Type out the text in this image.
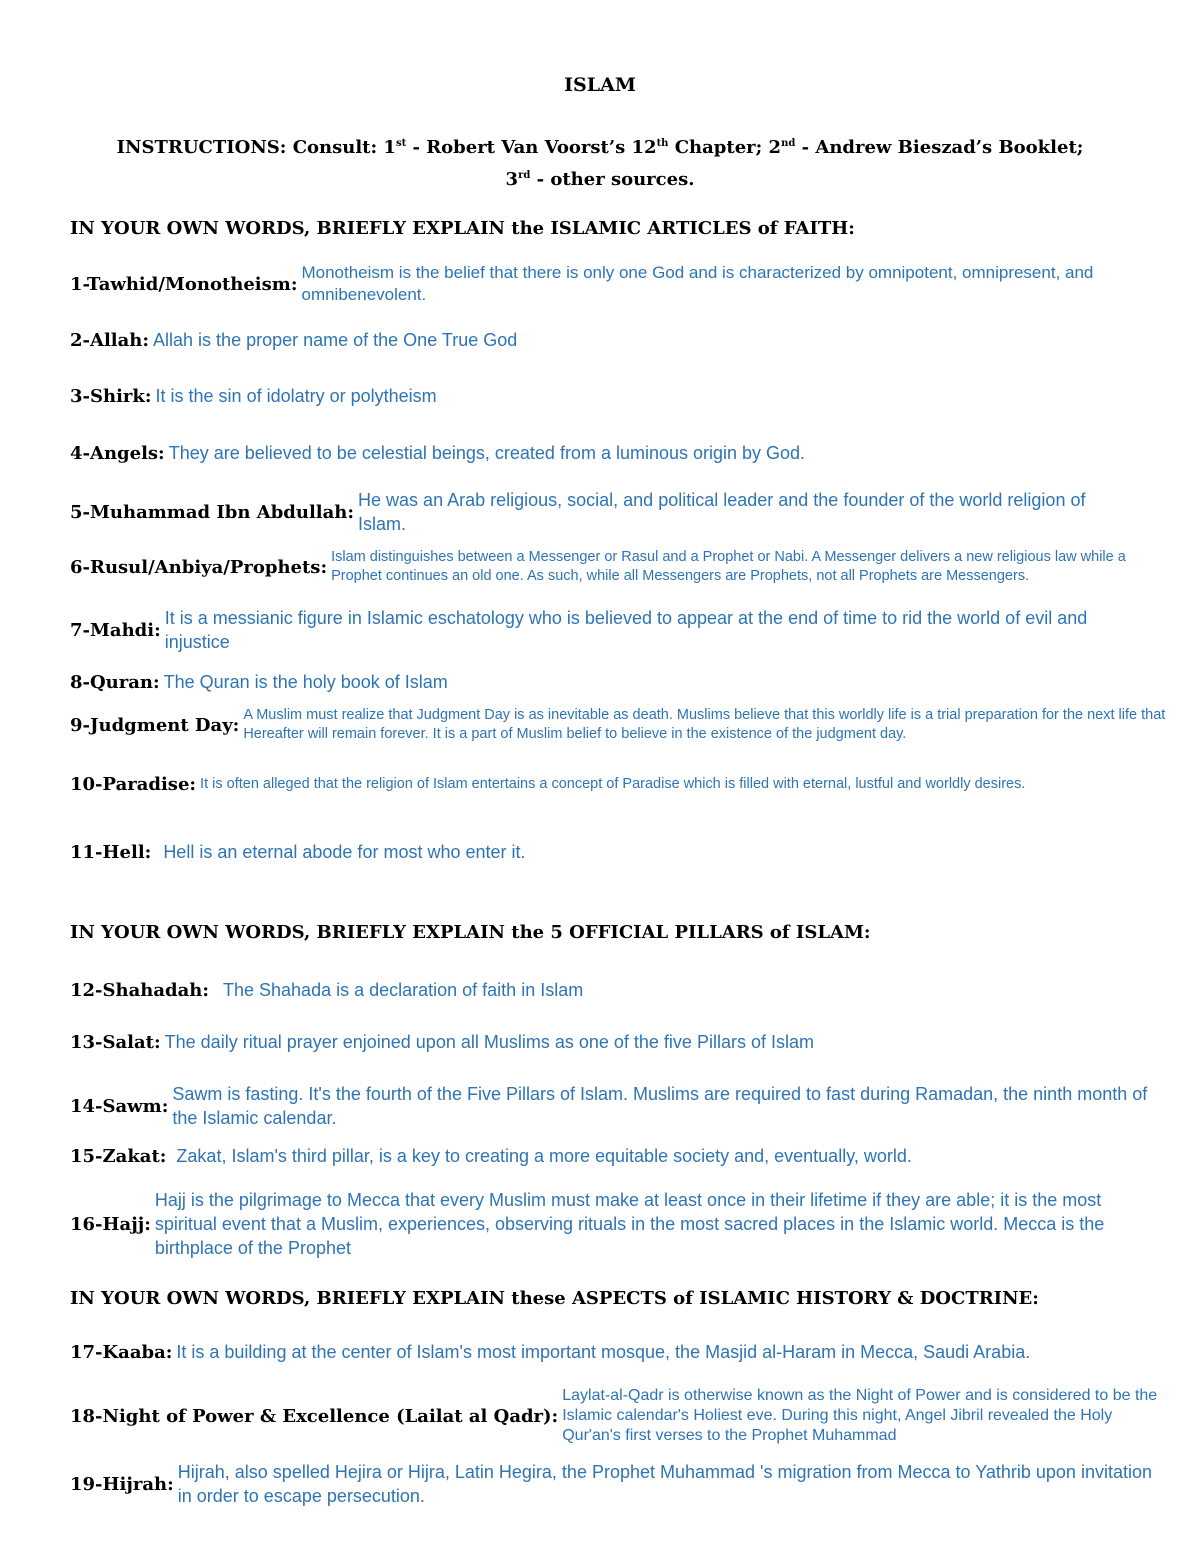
ISLAM
INSTRUCTIONS: Consult: 1st - Robert Van Voorst’s 12th Chapter; 2nd - Andrew Bieszad’s Booklet;
3rd - other sources.
IN YOUR OWN WORDS, BRIEFLY EXPLAIN the ISLAMIC ARTICLES of FAITH:
1-Tawhid/Monotheism:
Monotheism is the belief that there is only one God and is characterized by omnipotent, omnipresent, and omnibenevolent.
2-Allah: Allah is the proper name of the One True God
3-Shirk: It is the sin of idolatry or polytheism
4-Angels: They are believed to be celestial beings, created from a luminous origin by God.
5-Muhammad Ibn Abdullah:
He was an Arab religious, social, and political leader and the founder of the world religion of Islam.
6-Rusul/Anbiya/Prophets: Islam distinguishes between a Messenger or Rasul and a Prophet or Nabi. A Messenger delivers a new religious law while a Prophet continues an old one. As such, while all Messengers are Prophets, not all Prophets are Messengers.
7-Mahdi:
It is a messianic figure in Islamic eschatology who is believed to appear at the end of time to rid the world of evil and injustice
8-Quran: The Quran is the holy book of Islam
9-Judgment Day: A Muslim must realize that Judgment Day is as inevitable as death. Muslims believe that this worldly life is a trial preparation for the next life that Hereafter will remain forever. It is a part of Muslim belief to believe in the existence of the judgment day.
10-Paradise: It is often alleged that the religion of Islam entertains a concept of Paradise which is filled with eternal, lustful and worldly desires.
11-Hell: Hell is an eternal abode for most who enter it.
IN YOUR OWN WORDS, BRIEFLY EXPLAIN the 5 OFFICIAL PILLARS of ISLAM:
12-Shahadah: The Shahada is a declaration of faith in Islam
13-Salat: The daily ritual prayer enjoined upon all Muslims as one of the five Pillars of Islam
14-Sawm:
Sawm is fasting. It's the fourth of the Five Pillars of Islam. Muslims are required to fast during Ramadan, the ninth month of the Islamic calendar.
15-Zakat: Zakat, Islam's third pillar, is a key to creating a more equitable society and, eventually, world.
16-Hajj:
Hajj is the pilgrimage to Mecca that every Muslim must make at least once in their lifetime if they are able; it is the most spiritual event that a Muslim, experiences, observing rituals in the most sacred places in the Islamic world. Mecca is the birthplace of the Prophet
IN YOUR OWN WORDS, BRIEFLY EXPLAIN these ASPECTS of ISLAMIC HISTORY & DOCTRINE:
17-Kaaba: It is a building at the center of Islam's most important mosque, the Masjid al-Haram in Mecca, Saudi Arabia.
18-Night of Power & Excellence (Lailat al Qadr):
Laylat-al-Qadr is otherwise known as the Night of Power and is considered to be the Islamic calendar's Holiest eve. During this night, Angel Jibril revealed the Holy Qur'an's first verses to the Prophet Muhammad
19-Hijrah:
Hijrah, also spelled Hejira or Hijra, Latin Hegira, the Prophet Muhammad 's migration from Mecca to Yathrib upon invitation in order to escape persecution.
